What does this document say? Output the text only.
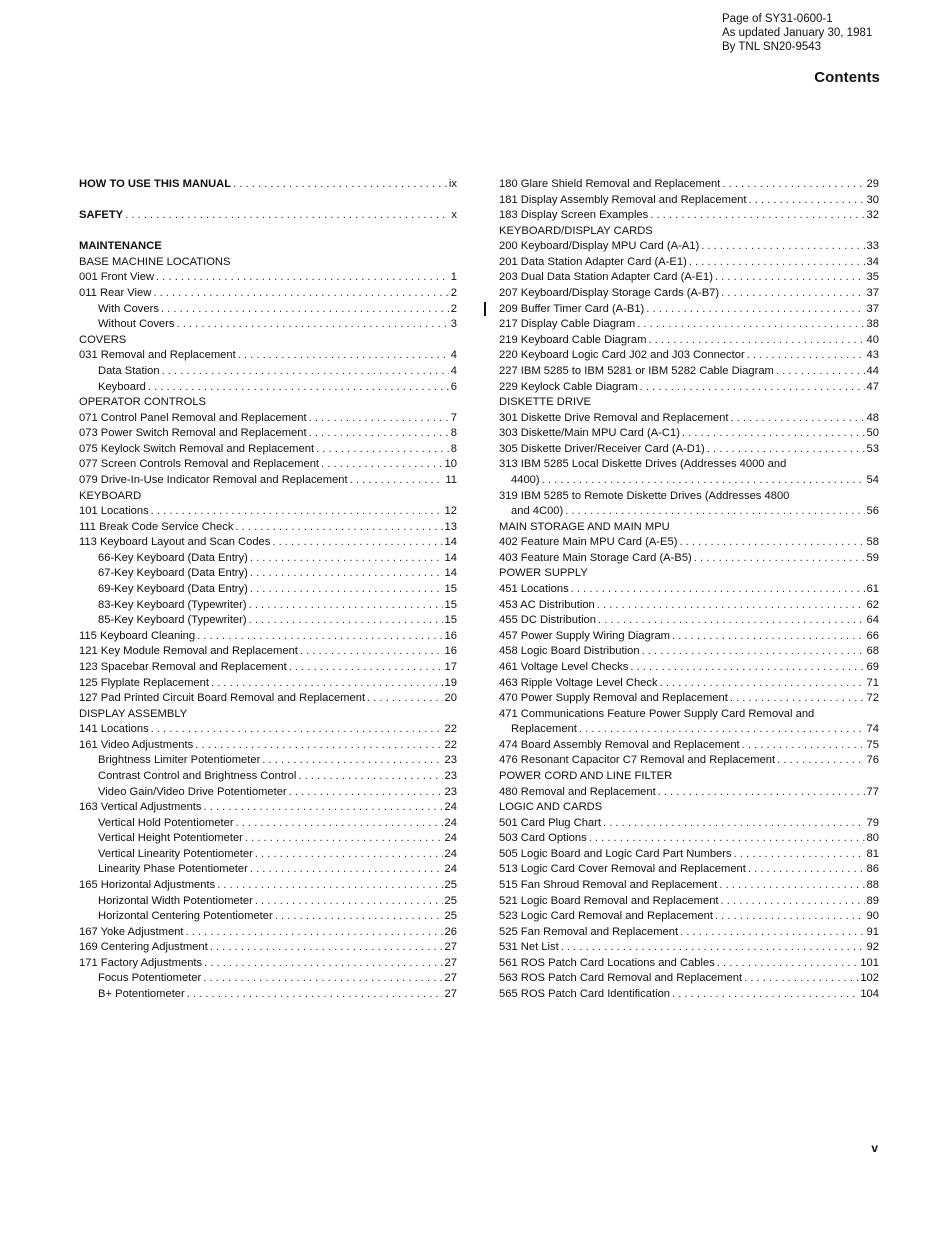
Page of SY31-0600-1
As updated January 30, 1981
By TNL SN20-9543
Contents
HOW TO USE THIS MANUAL . . .	ix
SAFETY . . .	x
MAINTENANCE
BASE MACHINE LOCATIONS
001 Front View . . .	1
011 Rear View . . .	2
With Covers . . .	2
Without Covers . . .	3
COVERS
031 Removal and Replacement . . .	4
Data Station . . .	4
Keyboard . . .	6
OPERATOR CONTROLS
071 Control Panel Removal and Replacement . . .	7
073 Power Switch Removal and Replacement . . .	8
075 Keylock Switch Removal and Replacement . . .	8
077 Screen Controls Removal and Replacement . . .	10
079 Drive-In-Use Indicator Removal and Replacement . . .	11
KEYBOARD
101 Locations . . .	12
111 Break Code Service Check . . .	13
113 Keyboard Layout and Scan Codes . . .	14
66-Key Keyboard (Data Entry) . . .	14
67-Key Keyboard (Data Entry) . . .	14
69-Key Keyboard (Data Entry) . . .	15
83-Key Keyboard (Typewriter) . . .	15
85-Key Keyboard (Typewriter) . . .	15
115 Keyboard Cleaning . . .	16
121 Key Module Removal and Replacement . . .	16
123 Spacebar Removal and Replacement . . .	17
125 Flyplate Replacement . . .	19
127 Pad Printed Circuit Board Removal and Replacement . . .	20
DISPLAY ASSEMBLY
141 Locations . . .	22
161 Video Adjustments . . .	22
Brightness Limiter Potentiometer . . .	23
Contrast Control and Brightness Control . . .	23
Video Gain/Video Drive Potentiometer . . .	23
163 Vertical Adjustments . . .	24
Vertical Hold Potentiometer . . .	24
Vertical Height Potentiometer . . .	24
Vertical Linearity Potentiometer . . .	24
Linearity Phase Potentiometer . . .	24
165 Horizontal Adjustments . . .	25
Horizontal Width Potentiometer . . .	25
Horizontal Centering Potentiometer . . .	25
167 Yoke Adjustment . . .	26
169 Centering Adjustment . . .	27
171 Factory Adjustments . . .	27
Focus Potentiometer . . .	27
B+ Potentiometer . . .	27
180 Glare Shield Removal and Replacement . . .	29
181 Display Assembly Removal and Replacement . . .	30
183 Display Screen Examples . . .	32
KEYBOARD/DISPLAY CARDS
200 Keyboard/Display MPU Card (A-A1) . . .	33
201 Data Station Adapter Card (A-E1) . . .	34
203 Dual Data Station Adapter Card (A-E1) . . .	35
207 Keyboard/Display Storage Cards (A-B7) . . .	37
209 Buffer Timer Card (A-B1) . . .	37
217 Display Cable Diagram . . .	38
219 Keyboard Cable Diagram . . .	40
220 Keyboard Logic Card J02 and J03 Connector . . .	43
227 IBM 5285 to IBM 5281 or IBM 5282 Cable Diagram . . .	44
229 Keylock Cable Diagram . . .	47
DISKETTE DRIVE
301 Diskette Drive Removal and Replacement . . .	48
303 Diskette/Main MPU Card (A-C1) . . .	50
305 Diskette Driver/Receiver Card (A-D1) . . .	53
313 IBM 5285 Local Diskette Drives (Addresses 4000 and
4400) . . .	54
319 IBM 5285 to Remote Diskette Drives (Addresses 4800
and 4C00) . . .	56
MAIN STORAGE AND MAIN MPU
402 Feature Main MPU Card (A-E5) . . .	58
403 Feature Main Storage Card (A-B5) . . .	59
POWER SUPPLY
451 Locations . . .	61
453 AC Distribution . . .	62
455 DC Distribution . . .	64
457 Power Supply Wiring Diagram . . .	66
458 Logic Board Distribution . . .	68
461 Voltage Level Checks . . .	69
463 Ripple Voltage Level Check . . .	71
470 Power Supply Removal and Replacement . . .	72
471 Communications Feature Power Supply Card Removal and
Replacement . . .	74
474 Board Assembly Removal and Replacement . . .	75
476 Resonant Capacitor C7 Removal and Replacement . . .	76
POWER CORD AND LINE FILTER
480 Removal and Replacement . . .	77
LOGIC AND CARDS
501 Card Plug Chart . . .	79
503 Card Options . . .	80
505 Logic Board and Logic Card Part Numbers . . .	81
513 Logic Card Cover Removal and Replacement . . .	86
515 Fan Shroud Removal and Replacement . . .	88
521 Logic Board Removal and Replacement . . .	89
523 Logic Card Removal and Replacement . . .	90
525 Fan Removal and Replacement . . .	91
531 Net List . . .	92
561 ROS Patch Card Locations and Cables . . .	101
563 ROS Patch Card Removal and Replacement . . .	102
565 ROS Patch Card Identification . . .	104
v
